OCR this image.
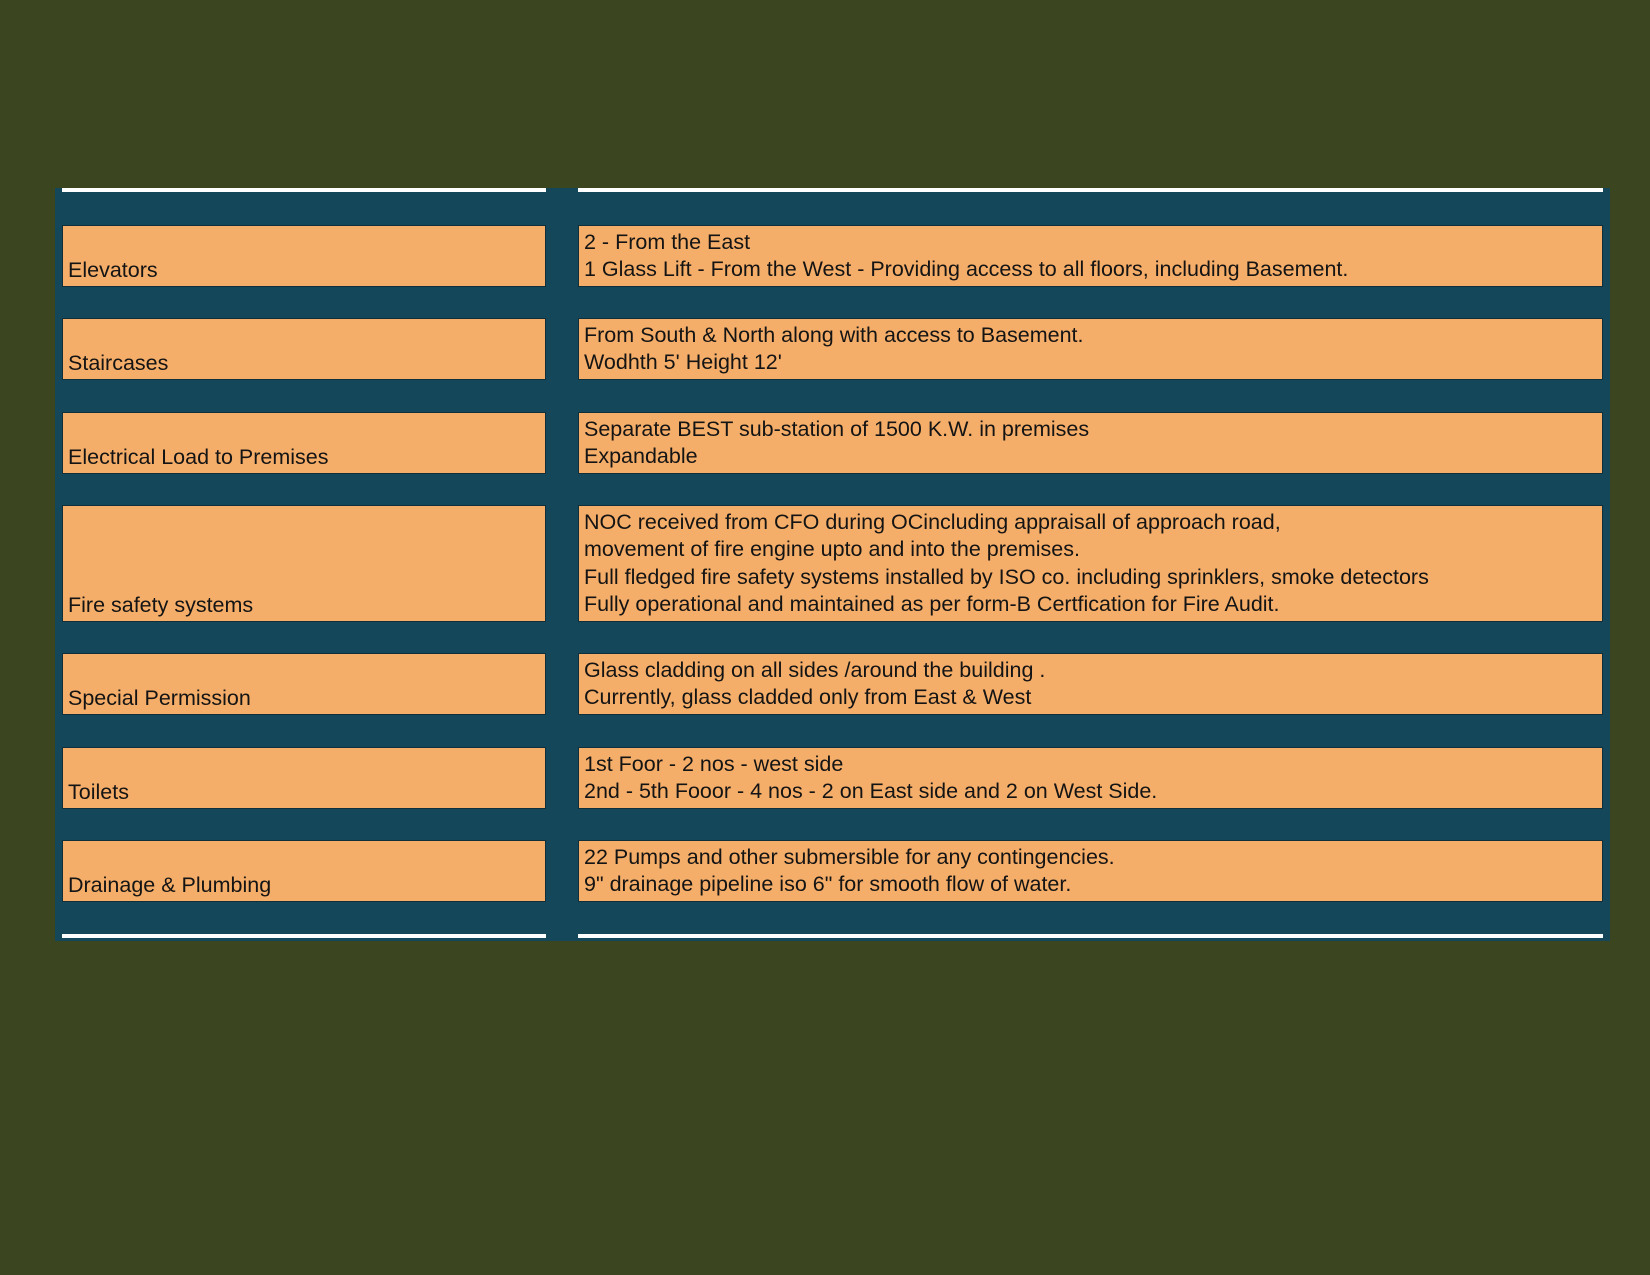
Elevators
2 - From the East
1 Glass Lift - From the West - Providing access to all floors, including Basement.
Staircases
From South & North along with access to Basement.
Wodhth 5' Height 12'
Electrical Load to Premises
Separate BEST sub-station of 1500 K.W. in premises
Expandable
Fire safety systems
NOC received from CFO during OCincluding appraisall of approach road,
movement of fire engine upto and into the premises.
Full fledged fire safety systems installed by ISO co. including sprinklers, smoke detectors
Fully operational and maintained as per form-B Certfication for Fire Audit.
Special Permission
Glass cladding on all sides /around the building .
Currently, glass cladded only from East & West
Toilets
1st Foor - 2 nos - west side
2nd - 5th Fooor - 4 nos - 2 on East side and 2 on West Side.
Drainage & Plumbing
22 Pumps and other submersible for any contingencies.
9" drainage pipeline iso 6" for smooth flow of water.
